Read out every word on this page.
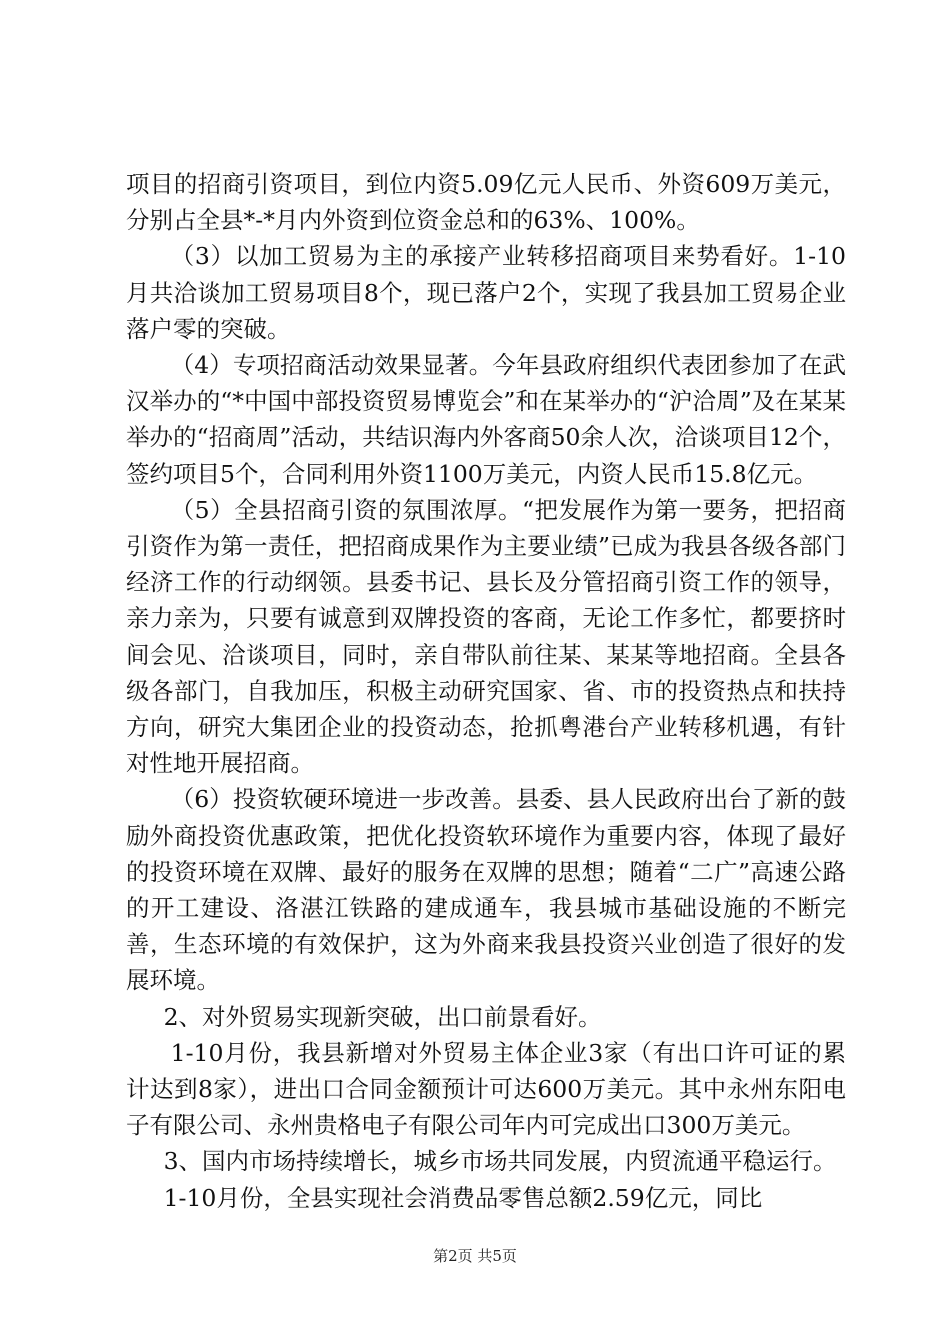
项目的招商引资项目，到位内资5.09亿元人民币、外资609万美元，分别占全县*-*月内外资到位资金总和的63%、100%。

（3）以加工贸易为主的承接产业转移招商项目来势看好。1-10月共洽谈加工贸易项目8个，现已落户2个，实现了我县加工贸易企业落户零的突破。

（4）专项招商活动效果显著。今年县政府组织代表团参加了在武汉举办的“*中国中部投资贸易博览会”和在某举办的“沪洽周”及在某某举办的“招商周”活动，共结识海内外客商50余人次，洽谈项目12个，签约项目5个，合同利用外资1100万美元，内资人民币15.8亿元。

（5）全县招商引资的氛围浓厚。“把发展作为第一要务，把招商引资作为第一责任，把招商成果作为主要业绩”已成为我县各级各部门经济工作的行动纲领。县委书记、县长及分管招商引资工作的领导，亲力亲为，只要有诚意到双牌投资的客商，无论工作多忙，都要挤时间会见、洽谈项目，同时，亲自带队前往某、某某等地招商。全县各级各部门，自我加压，积极主动研究国家、省、市的投资热点和扶持方向，研究大集团企业的投资动态，抢抓粤港台产业转移机遇，有针对性地开展招商。

（6）投资软硬环境进一步改善。县委、县人民政府出台了新的鼓励外商投资优惠政策，把优化投资软环境作为重要内容，体现了最好的投资环境在双牌、最好的服务在双牌的思想；随着“二广”高速公路的开工建设、洛湛江铁路的建成通车，我县城市基础设施的不断完善，生态环境的有效保护，这为外商来我县投资兴业创造了很好的发展环境。

2、对外贸易实现新突破，出口前景看好。

1-10月份，我县新增对外贸易主体企业3家（有出口许可证的累计达到8家），进出口合同金额预计可达600万美元。其中永州东阳电子有限公司、永州贵格电子有限公司年内可完成出口300万美元。

3、国内市场持续增长，城乡市场共同发展，内贸流通平稳运行。

1-10月份，全县实现社会消费品零售总额2.59亿元，同比

第2页 共5页
